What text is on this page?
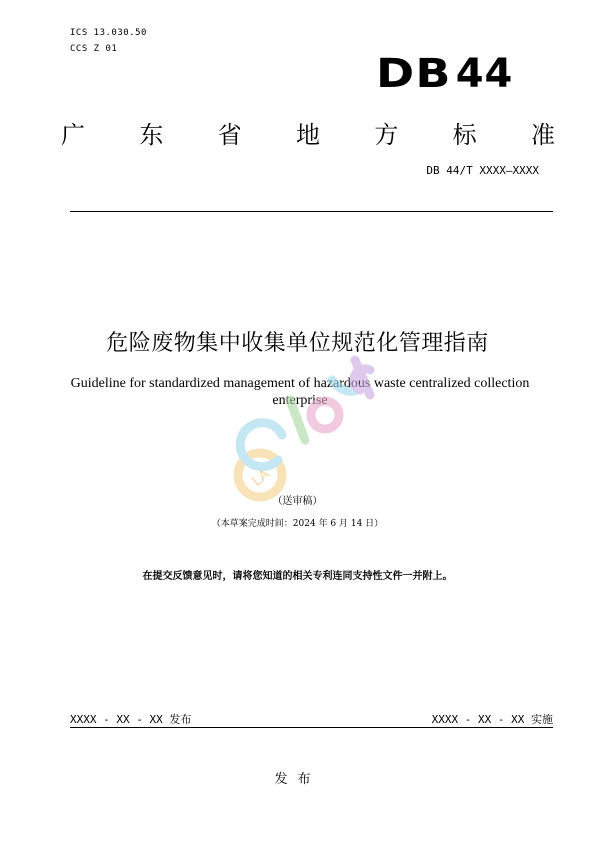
ICS 13.030.50
CCS Z 01
DB 44
广 东 省 地 方 标 准
DB 44/T XXXX—XXXX
危险废物集中收集单位规范化管理指南
Guideline for standardized management of hazardous waste centralized collection enterprise
LA
（送审稿）
（本草案完成时间：2024 年 6 月 14 日）
在提交反馈意见时，请将您知道的相关专利连同支持性文件一并附上。
XXXX - XX - XX 发布	XXXX - XX - XX 实施
发布
